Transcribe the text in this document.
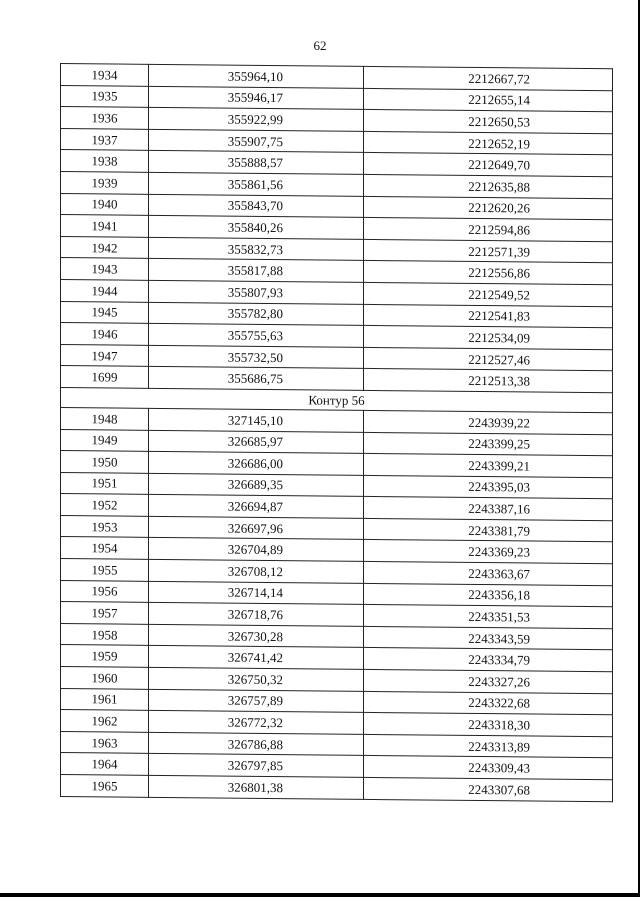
62
1934	355964,10	2212667,72
1935	355946,17	2212655,14
1936	355922,99	2212650,53
1937	355907,75	2212652,19
1938	355888,57	2212649,70
1939	355861,56	2212635,88
1940	355843,70	2212620,26
1941	355840,26	2212594,86
1942	355832,73	2212571,39
1943	355817,88	2212556,86
1944	355807,93	2212549,52
1945	355782,80	2212541,83
1946	355755,63	2212534,09
1947	355732,50	2212527,46
1699	355686,75	2212513,38
Контур 56		
1948	327145,10	2243939,22
1949	326685,97	2243399,25
1950	326686,00	2243399,21
1951	326689,35	2243395,03
1952	326694,87	2243387,16
1953	326697,96	2243381,79
1954	326704,89	2243369,23
1955	326708,12	2243363,67
1956	326714,14	2243356,18
1957	326718,76	2243351,53
1958	326730,28	2243343,59
1959	326741,42	2243334,79
1960	326750,32	2243327,26
1961	326757,89	2243322,68
1962	326772,32	2243318,30
1963	326786,88	2243313,89
1964	326797,85	2243309,43
1965	326801,38	2243307,68
